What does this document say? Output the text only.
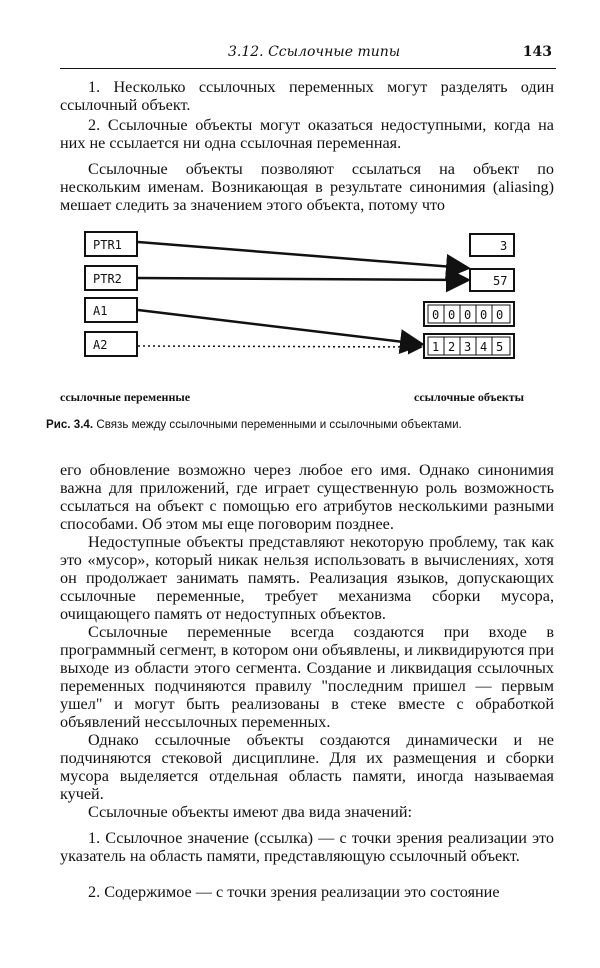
3.12. Ссылочные типы	143

1. Несколько ссылочных переменных могут разделять один ссылочный объект.

2. Ссылочные объекты могут оказаться недоступными, когда на них не ссылается ни одна ссылочная переменная.

Ссылочные объекты позволяют ссылаться на объект по нескольким именам. Возникающая в результате синонимия (aliasing) мешает следить за значением этого объекта, потому что

PTR1
PTR2
A1
A2
3
57
0 0 0 0 0
1 2 3 4 5
ссылочные переменные	ссылочные объекты
Рис. 3.4. Связь между ссылочными переменными и ссылочными объектами.

его обновление возможно через любое его имя. Однако синонимия важна для приложений, где играет существенную роль возможность ссылаться на объект с помощью его атрибутов несколькими разными способами. Об этом мы еще поговорим позднее.

Недоступные объекты представляют некоторую проблему, так как это «мусор», который никак нельзя использовать в вычислениях, хотя он продолжает занимать память. Реализация языков, допускающих ссылочные переменные, требует механизма сборки мусора, очищающего память от недоступных объектов.

Ссылочные переменные всегда создаются при входе в программный сегмент, в котором они объявлены, и ликвидируются при выходе из области этого сегмента. Создание и ликвидация ссылочных переменных подчиняются правилу "последним пришел — первым ушел" и могут быть реализованы в стеке вместе с обработкой объявлений нессылочных переменных.

Однако ссылочные объекты создаются динамически и не подчиняются стековой дисциплине. Для их размещения и сборки мусора выделяется отдельная область памяти, иногда называемая кучей.

Ссылочные объекты имеют два вида значений:

1. Ссылочное значение (ссылка) — с точки зрения реализации это указатель на область памяти, представляющую ссылочный объект.

2. Содержимое — с точки зрения реализации это состояние
